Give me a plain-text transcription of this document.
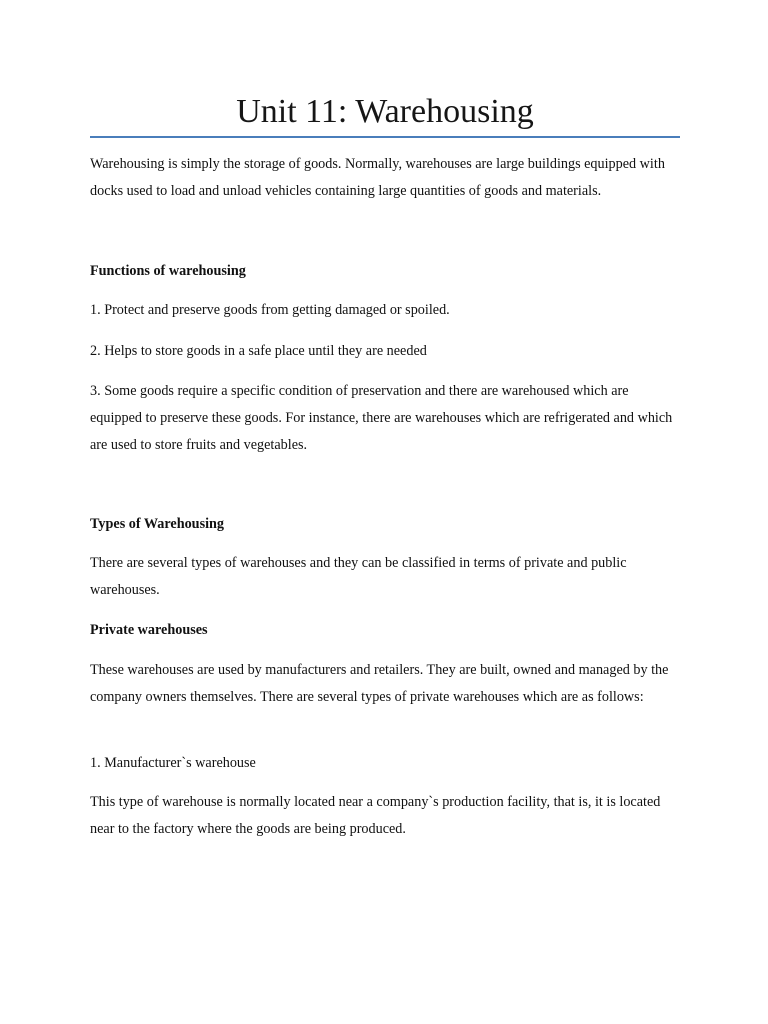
Unit 11: Warehousing

Warehousing is simply the storage of goods. Normally, warehouses are large buildings equipped with docks used to load and unload vehicles containing large quantities of goods and materials.

Functions of warehousing

1. Protect and preserve goods from getting damaged or spoiled.

2. Helps to store goods in a safe place until they are needed

3. Some goods require a specific condition of preservation and there are warehoused which are equipped to preserve these goods. For instance, there are warehouses which are refrigerated and which are used to store fruits and vegetables.

Types of Warehousing

There are several types of warehouses and they can be classified in terms of private and public warehouses.

Private warehouses

These warehouses are used by manufacturers and retailers. They are built, owned and managed by the company owners themselves. There are several types of private warehouses which are as follows:

1. Manufacturer`s warehouse

This type of warehouse is normally located near a company`s production facility, that is, it is located near to the factory where the goods are being produced.
